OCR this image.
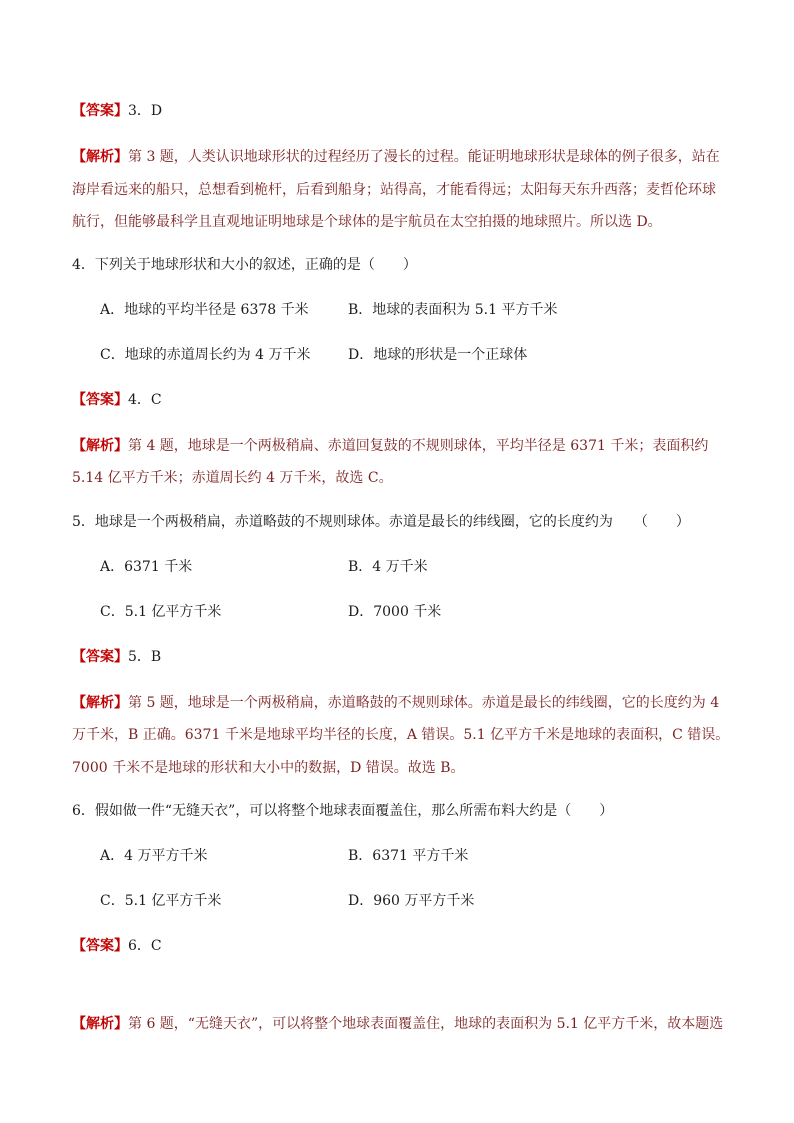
【答案】3．D
【解析】第 3 题，人类认识地球形状的过程经历了漫长的过程。能证明地球形状是球体的例子很多，站在
海岸看远来的船只，总想看到桅杆，后看到船身；站得高，才能看得远；太阳每天东升西落；麦哲伦环球
航行，但能够最科学且直观地证明地球是个球体的是宇航员在太空拍摄的地球照片。所以选 D。
4．下列关于地球形状和大小的叙述，正确的是（　　）
A．地球的平均半径是 6378 千米	B．地球的表面积为 5.1 平方千米
C．地球的赤道周长约为 4 万千米	D．地球的形状是一个正球体
【答案】4．C
【解析】第 4 题，地球是一个两极稍扁、赤道回复鼓的不规则球体，平均半径是 6371 千米；表面积约
5.14 亿平方千米；赤道周长约 4 万千米，故选 C。
5．地球是一个两极稍扁，赤道略鼓的不规则球体。赤道是最长的纬线圈，它的长度约为　　（　　）
A．6371 千米	B．4 万千米
C．5.1 亿平方千米	D．7000 千米
【答案】5．B
【解析】第 5 题，地球是一个两极稍扁，赤道略鼓的不规则球体。赤道是最长的纬线圈，它的长度约为 4
万千米，B 正确。6371 千米是地球平均半径的长度，A 错误。5.1 亿平方千米是地球的表面积，C 错误。
7000 千米不是地球的形状和大小中的数据，D 错误。故选 B。
6．假如做一件“无缝天衣”，可以将整个地球表面覆盖住，那么所需布料大约是（　　）
A．4 万平方千米	B．6371 平方千米
C．5.1 亿平方千米	D．960 万平方千米
【答案】6．C
【解析】第 6 题，“无缝天衣”，可以将整个地球表面覆盖住，地球的表面积为 5.1 亿平方千米，故本题选
